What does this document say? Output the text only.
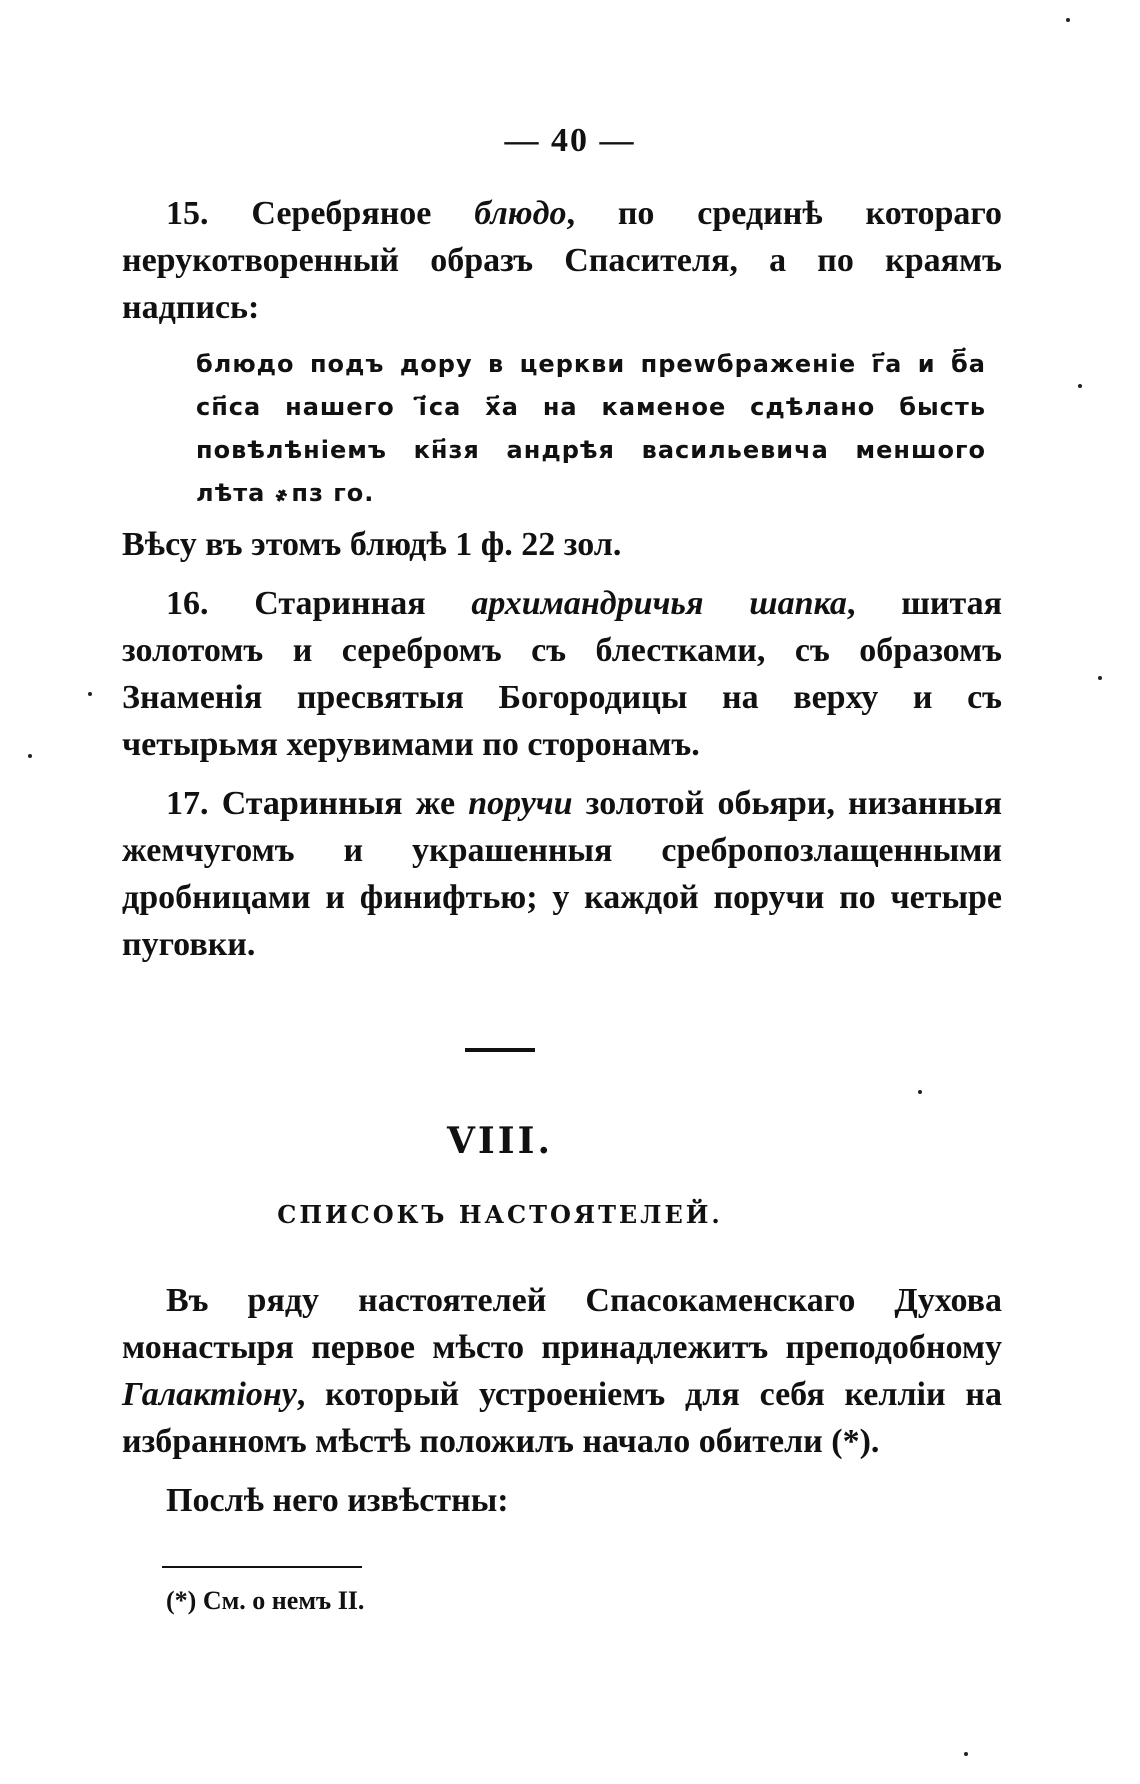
— 40 —

15. Серебряное блюдо, по срединѣ котораго нерукотворенный образъ Спасителя, а по краямъ надпись:

блюдо подъ дору в церкви преwбраженiе г҃а и б҃а сп҃са нашего i҃са х҃а на каменое сдѣлано бысть повѣлѣнiемъ кн҃зя андрѣя васильевича меншого лѣта ҂пз го.

Вѣсу въ этомъ блюдѣ 1 ф. 22 зол.

16. Старинная архимандричья шапка, шитая золотомъ и серебромъ съ блестками, съ образомъ Знаменiя пресвятыя Богородицы на верху и съ четырьмя херувимами по сторонамъ.

17. Старинныя же поручи золотой обьяри, низанныя жемчугомъ и украшенныя сребропозлащенными дробницами и финифтью; у каждой поручи по четыре пуговки.

VIII.
СПИСОКЪ НАСТОЯТЕЛЕЙ.

Въ ряду настоятелей Спасокаменскаго Духова монастыря первое мѣсто принадлежитъ преподобному Галактiону, который устроенiемъ для себя келлiи на избранномъ мѣстѣ положилъ начало обители (*).

Послѣ него извѣстны:

(*) См. о немъ II.
